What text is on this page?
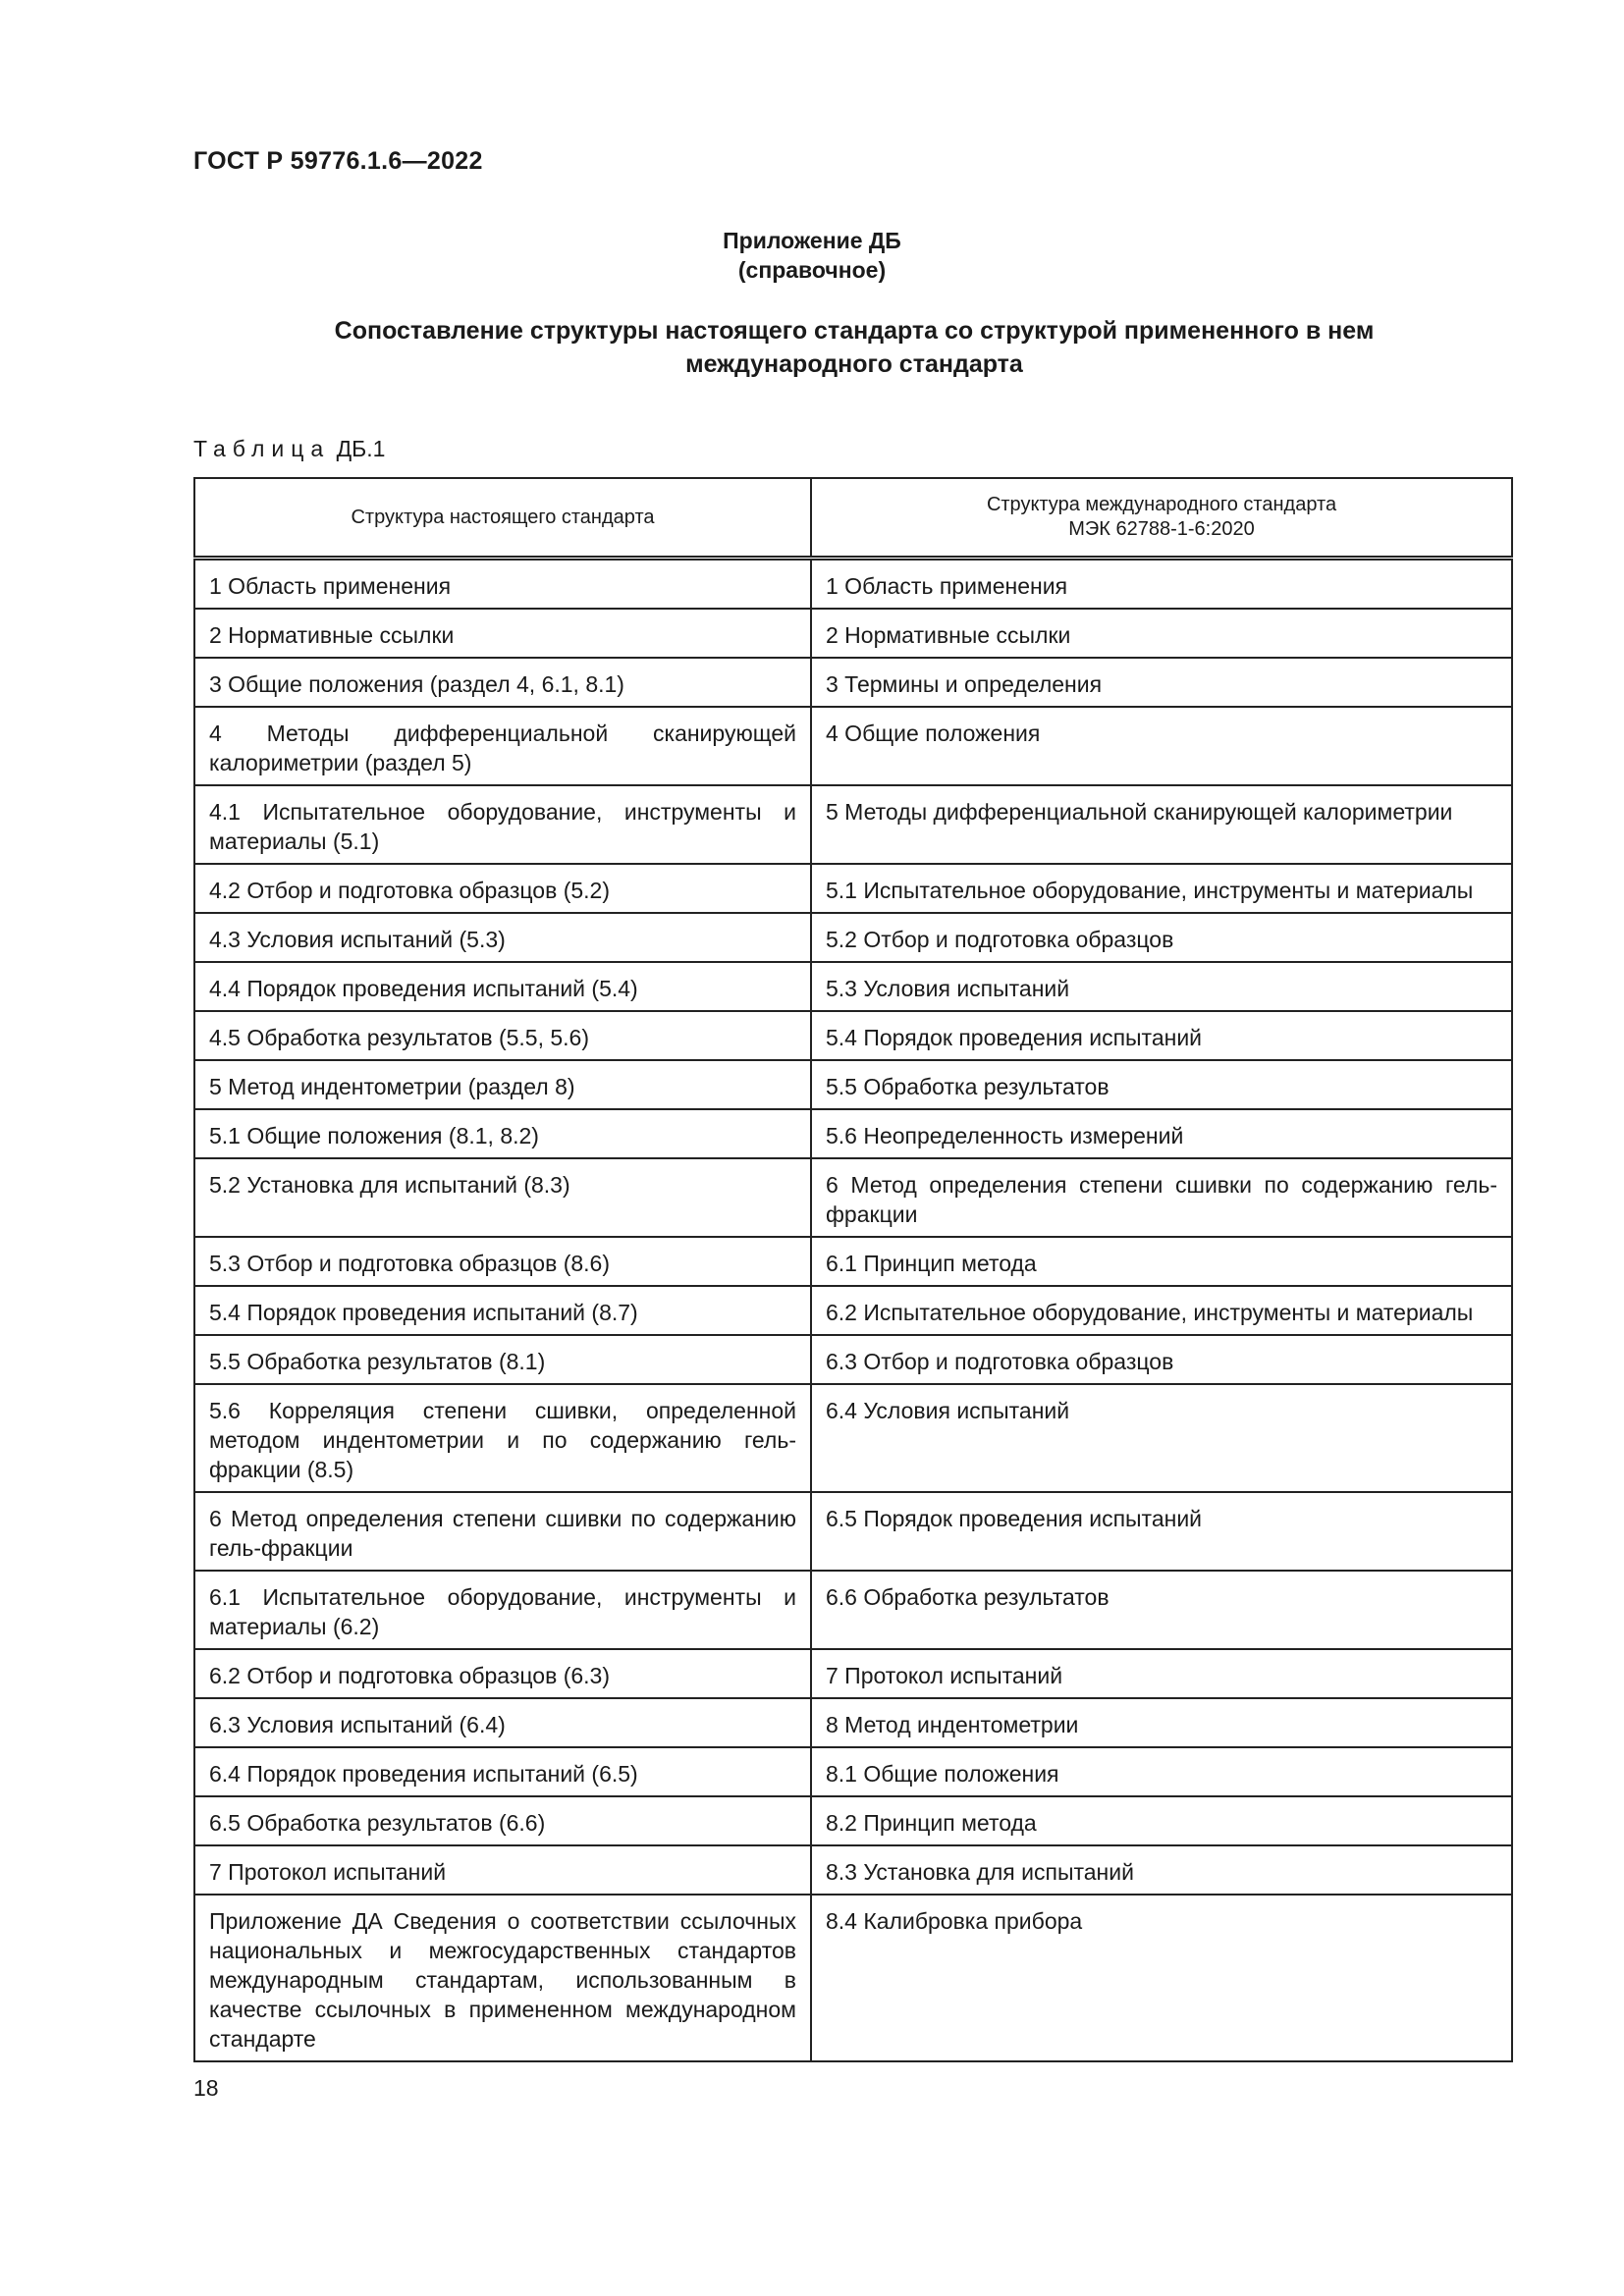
ГОСТ Р 59776.1.6—2022
Приложение ДБ
(справочное)
Сопоставление структуры настоящего стандарта со структурой примененного в нем
международного стандарта
Таблица ДБ.1
Структура настоящего стандарта	Структура международного стандарта
МЭК 62788-1-6:2020

1 Область применения	1 Область применения
2 Нормативные ссылки	2 Нормативные ссылки
3 Общие положения (раздел 4, 6.1, 8.1)	3 Термины и определения
4 Методы дифференциальной сканирующей калориметрии (раздел 5)	4 Общие положения
4.1 Испытательное оборудование, инструменты и материалы (5.1)	5 Методы дифференциальной сканирующей калориметрии
4.2 Отбор и подготовка образцов (5.2)	5.1 Испытательное оборудование, инструменты и материалы
4.3 Условия испытаний (5.3)	5.2 Отбор и подготовка образцов
4.4 Порядок проведения испытаний (5.4)	5.3 Условия испытаний
4.5 Обработка результатов (5.5, 5.6)	5.4 Порядок проведения испытаний
5 Метод индентометрии (раздел 8)	5.5 Обработка результатов
5.1 Общие положения (8.1, 8.2)	5.6 Неопределенность измерений
5.2 Установка для испытаний (8.3)	6 Метод определения степени сшивки по содержанию гель-фракции
5.3 Отбор и подготовка образцов (8.6)	6.1 Принцип метода
5.4 Порядок проведения испытаний (8.7)	6.2 Испытательное оборудование, инструменты и материалы
5.5 Обработка результатов (8.1)	6.3 Отбор и подготовка образцов
5.6 Корреляция степени сшивки, определенной методом индентометрии и по содержанию гель-фракции (8.5)	6.4 Условия испытаний
6 Метод определения степени сшивки по содержанию гель-фракции	6.5 Порядок проведения испытаний
6.1 Испытательное оборудование, инструменты и материалы (6.2)	6.6 Обработка результатов
6.2 Отбор и подготовка образцов (6.3)	7 Протокол испытаний
6.3 Условия испытаний (6.4)	8 Метод индентометрии
6.4 Порядок проведения испытаний (6.5)	8.1 Общие положения
6.5 Обработка результатов (6.6)	8.2 Принцип метода
7 Протокол испытаний	8.3 Установка для испытаний
Приложение ДА Сведения о соответствии ссылочных национальных и межгосударственных стандартов международным стандартам, использованным в качестве ссылочных в примененном международном стандарте	8.4 Калибровка прибора
18
